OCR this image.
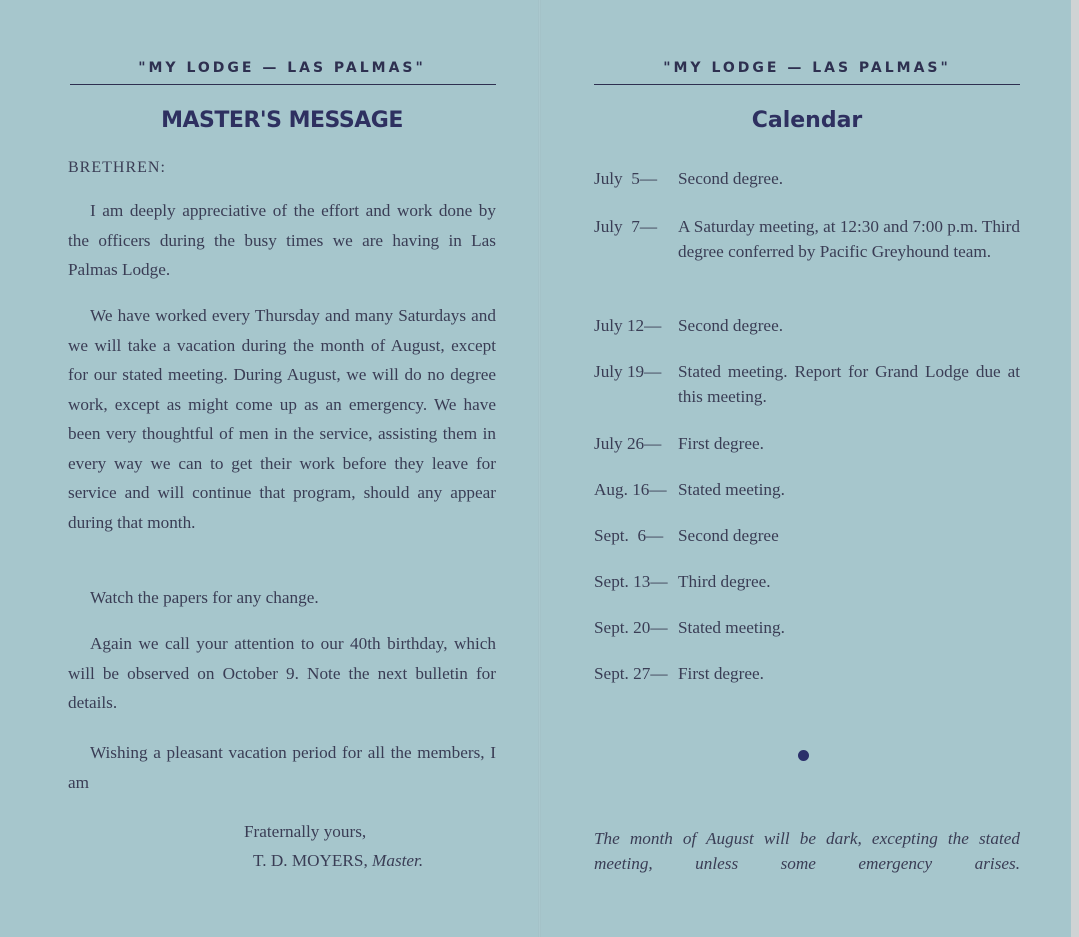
"MY LODGE — LAS PALMAS"
MASTER'S MESSAGE
BRETHREN:
I am deeply appreciative of the effort and work done by the officers during the busy times we are having in Las Palmas Lodge.
We have worked every Thursday and many Saturdays and we will take a vacation during the month of August, except for our stated meeting. During August, we will do no degree work, except as might come up as an emergency. We have been very thoughtful of men in the service, assisting them in every way we can to get their work before they leave for service and will continue that program, should any appear during that month.
Watch the papers for any change.
Again we call your attention to our 40th birthday, which will be observed on October 9. Note the next bulletin for details.
Wishing a pleasant vacation period for all the members, I am
Fraternally yours,
T. D. MOYERS, Master.
"MY LODGE — LAS PALMAS"
Calendar
July  5— Second degree.
July  7— A Saturday meeting, at 12:30 and 7:00 p.m. Third degree conferred by Pacific Greyhound team.
July 12— Second degree.
July 19— Stated meeting. Report for Grand Lodge due at this meeting.
July 26— First degree.
Aug. 16— Stated meeting.
Sept.  6— Second degree
Sept. 13— Third degree.
Sept. 20— Stated meeting.
Sept. 27— First degree.
The month of August will be dark, excepting the stated meeting, unless some emergency arises.
